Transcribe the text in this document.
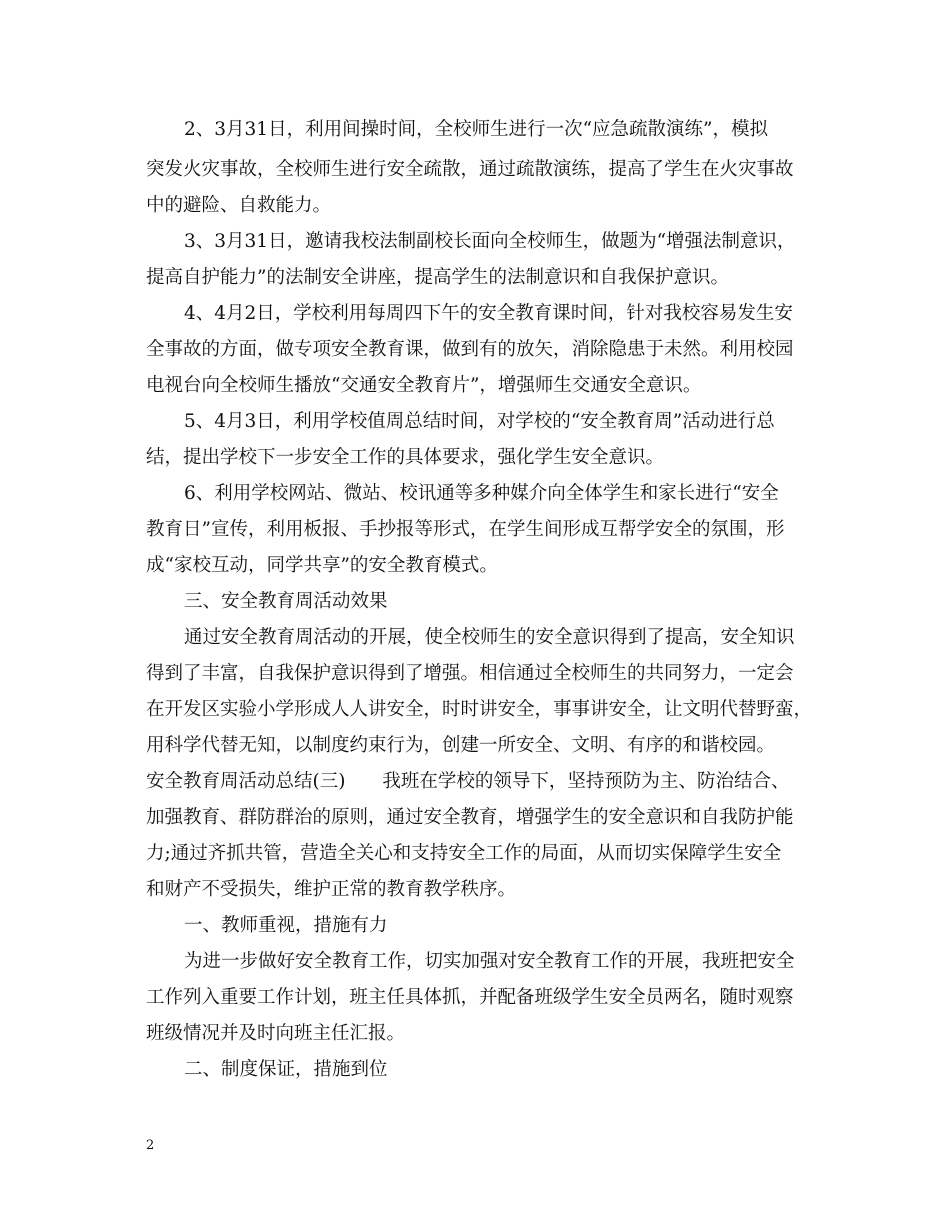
2、3月31日，利用间操时间，全校师生进行一次“应急疏散演练”，模拟
突发火灾事故，全校师生进行安全疏散，通过疏散演练，提高了学生在火灾事故
中的避险、自救能力。
3、3月31日，邀请我校法制副校长面向全校师生，做题为“增强法制意识，
提高自护能力”的法制安全讲座，提高学生的法制意识和自我保护意识。
4、4月2日，学校利用每周四下午的安全教育课时间，针对我校容易发生安
全事故的方面，做专项安全教育课，做到有的放矢，消除隐患于未然。利用校园
电视台向全校师生播放“交通安全教育片”，增强师生交通安全意识。
5、4月3日，利用学校值周总结时间，对学校的“安全教育周”活动进行总
结，提出学校下一步安全工作的具体要求，强化学生安全意识。
6、利用学校网站、微站、校讯通等多种媒介向全体学生和家长进行“安全
教育日”宣传，利用板报、手抄报等形式，在学生间形成互帮学安全的氛围，形
成“家校互动，同学共享”的安全教育模式。
三、安全教育周活动效果
通过安全教育周活动的开展，使全校师生的安全意识得到了提高，安全知识
得到了丰富，自我保护意识得到了增强。相信通过全校师生的共同努力，一定会
在开发区实验小学形成人人讲安全，时时讲安全，事事讲安全，让文明代替野蛮，
用科学代替无知，以制度约束行为，创建一所安全、文明、有序的和谐校园。
安全教育周活动总结(三)　　我班在学校的领导下，坚持预防为主、防治结合、
加强教育、群防群治的原则，通过安全教育，增强学生的安全意识和自我防护能
力;通过齐抓共管，营造全关心和支持安全工作的局面，从而切实保障学生安全
和财产不受损失，维护正常的教育教学秩序。
一、教师重视，措施有力
为进一步做好安全教育工作，切实加强对安全教育工作的开展，我班把安全
工作列入重要工作计划，班主任具体抓，并配备班级学生安全员两名，随时观察
班级情况并及时向班主任汇报。
二、制度保证，措施到位
2
